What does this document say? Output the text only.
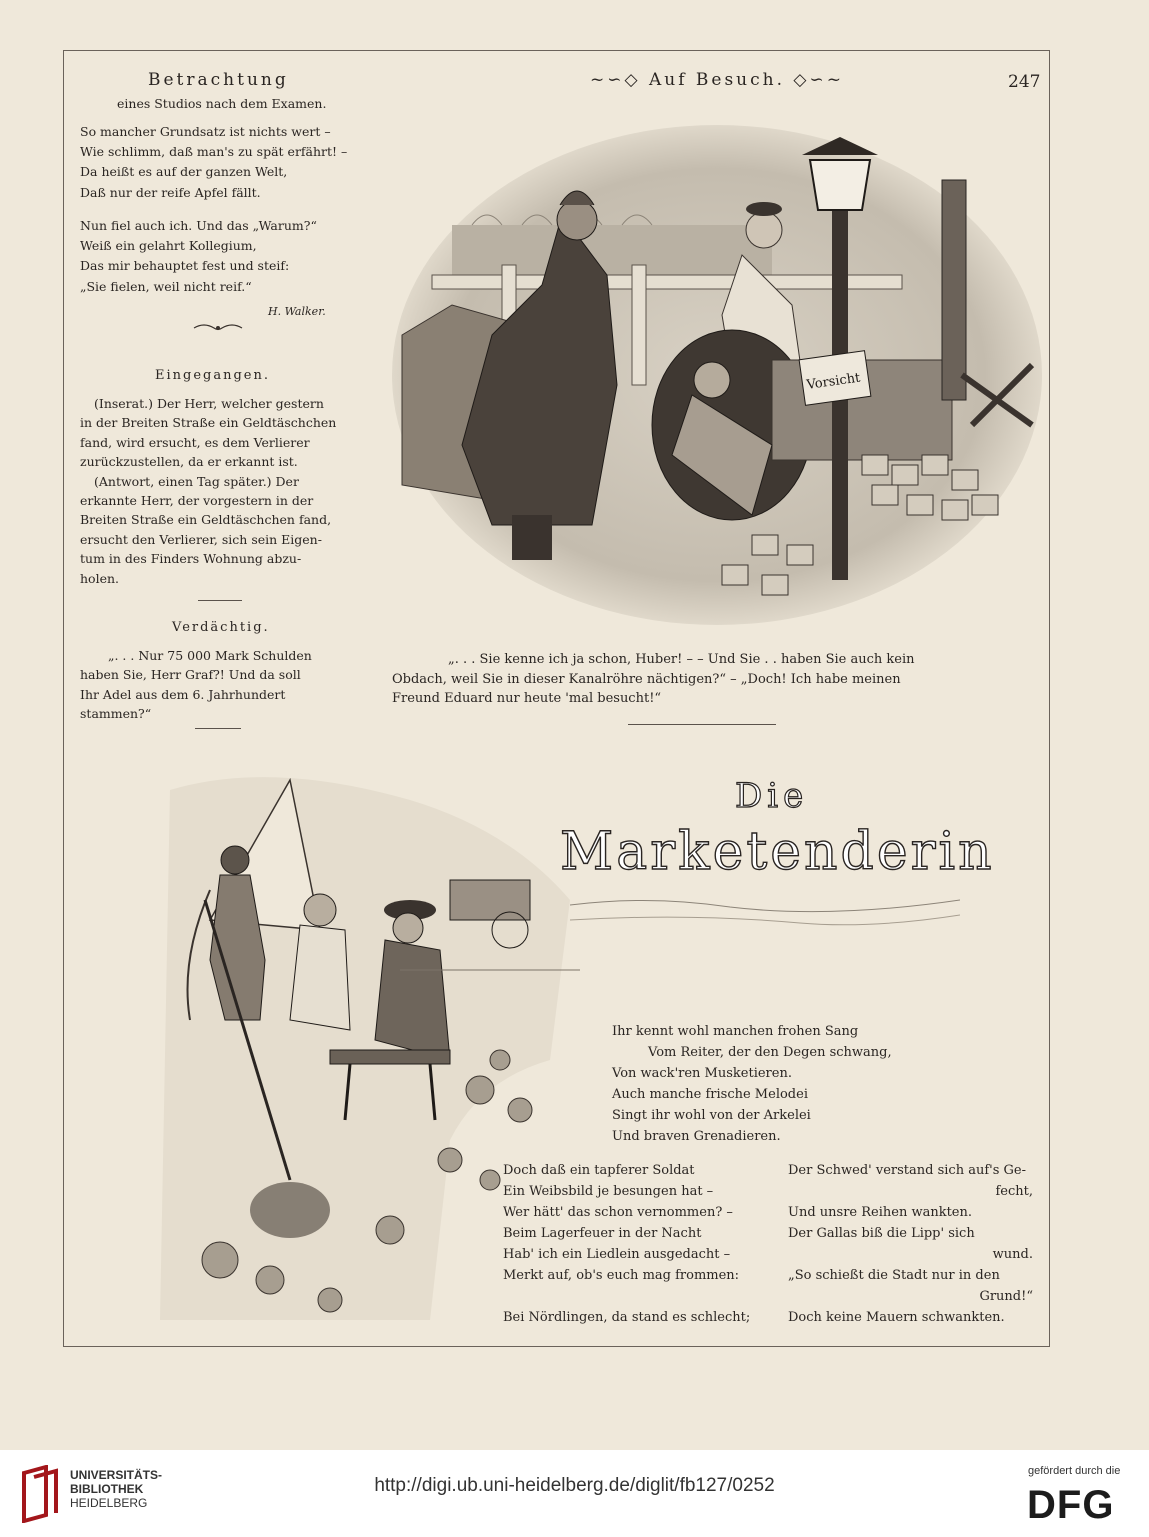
Betrachtung
eines Studios nach dem Examen.
~∽◇ Auf Besuch. ◇∽~	247
So mancher Grundsatz ist nichts wert –
Wie schlimm, daß man's zu spät erfährt! –
Da heißt es auf der ganzen Welt,
Daß nur der reife Apfel fällt.
Nun fiel auch ich. Und das „Warum?“
Weiß ein gelahrt Kollegium,
Das mir behauptet fest und steif:
„Sie fielen, weil nicht reif.“
H. Walker.
Eingegangen.
(Inserat.) Der Herr, welcher gestern
in der Breiten Straße ein Geldtäschchen
fand, wird ersucht, es dem Verlierer
zurückzustellen, da er erkannt ist.
(Antwort, einen Tag später.) Der
erkannte Herr, der vorgestern in der
Breiten Straße ein Geldtäschchen fand,
ersucht den Verlierer, sich sein Eigen-
tum in des Finders Wohnung abzu-
holen.
Verdächtig.
„. . . Nur 75 000 Mark Schulden
haben Sie, Herr Graf?! Und da soll
Ihr Adel aus dem 6. Jahrhundert
stammen?“
Vorsicht
„. . . Sie kenne ich ja schon, Huber! – – Und Sie . . haben Sie auch kein
Obdach, weil Sie in dieser Kanalröhre nächtigen?“ – „Doch! Ich habe meinen
Freund Eduard nur heute 'mal besucht!“
Die
Marketenderin
Ihr kennt wohl manchen frohen Sang
Vom Reiter, der den Degen schwang,
Von wack'ren Musketieren.
Auch manche frische Melodei
Singt ihr wohl von der Arkelei
Und braven Grenadieren.
Doch daß ein tapferer Soldat
Ein Weibsbild je besungen hat –
Wer hätt' das schon vernommen? –
Beim Lagerfeuer in der Nacht
Hab' ich ein Liedlein ausgedacht –
Merkt auf, ob's euch mag frommen:
Bei Nördlingen, da stand es schlecht;
Der Schwed' verstand sich auf's Ge-
fecht,
Und unsre Reihen wankten.
Der Gallas biß die Lipp' sich
wund.
„So schießt die Stadt nur in den
Grund!“
Doch keine Mauern schwankten.
UNIVERSITÄTS-
BIBLIOTHEK
HEIDELBERG
http://digi.ub.uni-heidelberg.de/diglit/fb127/0252
gefördert durch die
DFG
